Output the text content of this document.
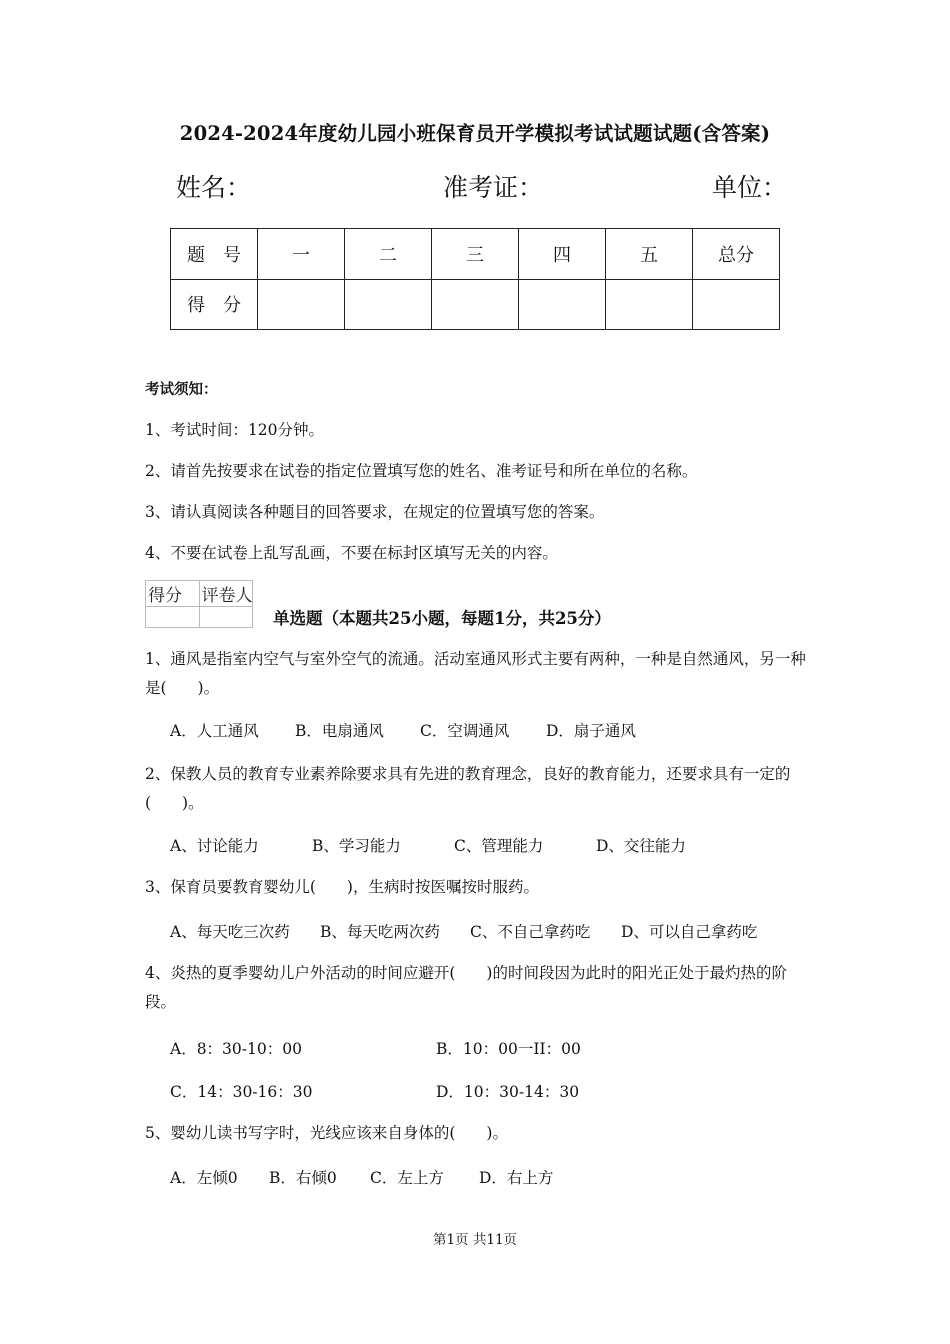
2024-2024年度幼儿园小班保育员开学模拟考试试题试题(含答案)
姓名：	准考证：	单位：
题　号	一	二	三	四	五	总分
得　分						
考试须知：
1、考试时间：120分钟。
2、请首先按要求在试卷的指定位置填写您的姓名、准考证号和所在单位的名称。
3、请认真阅读各种题目的回答要求，在规定的位置填写您的答案。
4、不要在试卷上乱写乱画，不要在标封区填写无关的内容。
得分	评卷人

单选题（本题共25小题，每题1分，共25分）
1、通风是指室内空气与室外空气的流通。活动室通风形式主要有两种，一种是自然通风，另一种是(　　)。
A．人工通风 B．电扇通风 C．空调通风 D．扇子通风
2、保教人员的教育专业素养除要求具有先进的教育理念，良好的教育能力，还要求具有一定的(　　)。
A、讨论能力	B、学习能力	C、管理能力	D、交往能力
3、保育员要教育婴幼儿(　　)，生病时按医嘱按时服药。
A、每天吃三次药 B、每天吃两次药 C、不自己拿药吃 D、可以自己拿药吃
4、炎热的夏季婴幼儿户外活动的时间应避开(　　)的时间段因为此时的阳光正处于最灼热的阶段。
A．8：30-10：00	B．10：00一II：00
C．14：30-16：30	D．10：30-14：30
5、婴幼儿读书写字时，光线应该来自身体的(　　)。
A．左倾0 B．右倾0 C．左上方 D．右上方
第1页 共11页
